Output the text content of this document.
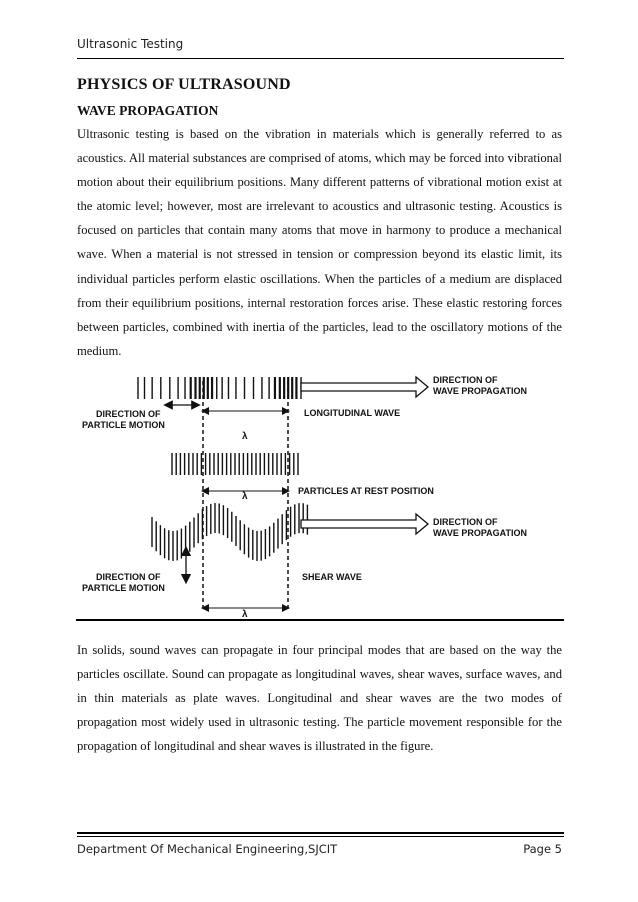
Ultrasonic Testing
PHYSICS OF ULTRASOUND
WAVE PROPAGATION
Ultrasonic testing is based on the vibration in materials which is generally referred to as acoustics. All material substances are comprised of atoms, which may be forced into vibrational motion about their equilibrium positions. Many different patterns of vibrational motion exist at the atomic level; however, most are irrelevant to acoustics and ultrasonic testing. Acoustics is focused on particles that contain many atoms that move in harmony to produce a mechanical wave. When a material is not stressed in tension or compression beyond its elastic limit, its individual particles perform elastic oscillations. When the particles of a medium are displaced from their equilibrium positions, internal restoration forces arise. These elastic restoring forces between particles, combined with inertia of the particles, lead to the oscillatory motions of the medium.
λ
λ
λ
DIRECTION OF
WAVE PROPAGATION
DIRECTION OF
PARTICLE MOTION
LONGITUDINAL WAVE
PARTICLES AT REST POSITION
DIRECTION OF
WAVE PROPAGATION
DIRECTION OF
PARTICLE MOTION
SHEAR WAVE
In solids, sound waves can propagate in four principal modes that are based on the way the particles oscillate. Sound can propagate as longitudinal waves, shear waves, surface waves, and in thin materials as plate waves. Longitudinal and shear waves are the two modes of propagation most widely used in ultrasonic testing. The particle movement responsible for the propagation of longitudinal and shear waves is illustrated in the figure.
Department Of Mechanical Engineering,SJCIT	Page 5
